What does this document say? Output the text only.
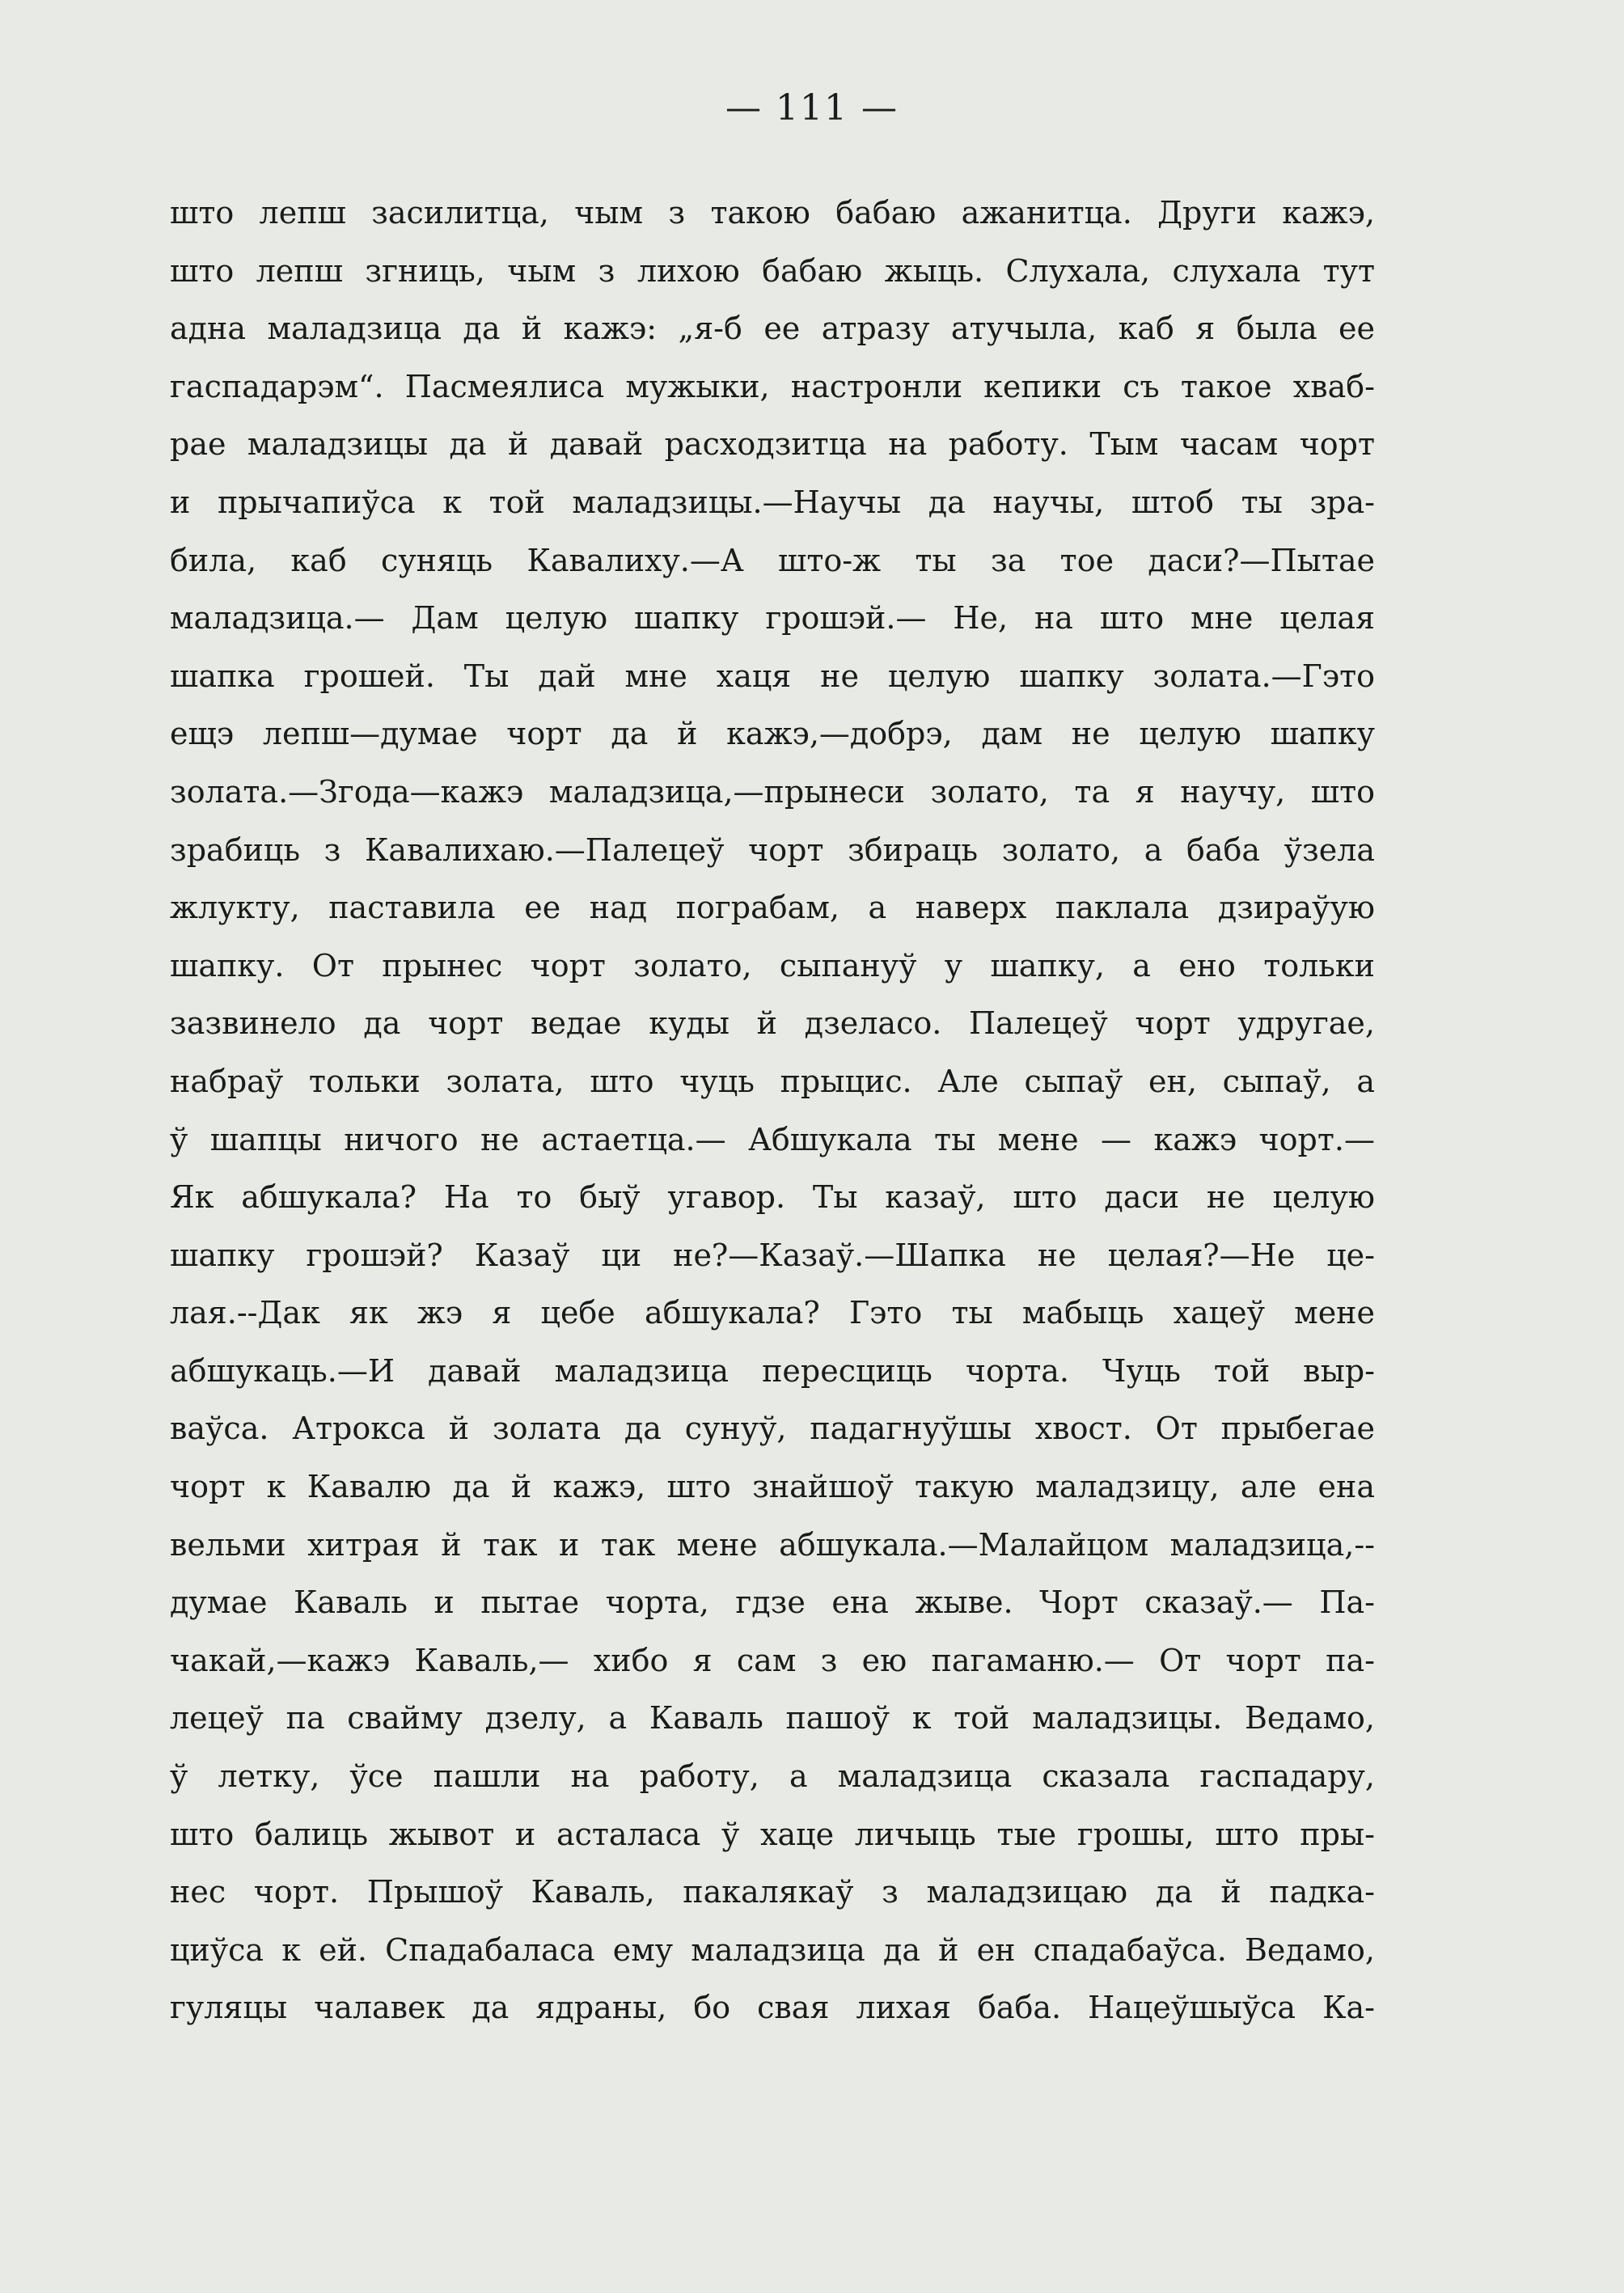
— 111 —
што лепш засилитца, чым з такою бабаю ажанитца. Други кажэ,
што лепш згниць, чым з лихою бабаю жыць. Слухала, слухала тут
адна маладзица да й кажэ: „я-б ее атразу атучыла, каб я была ее
гаспадарэм“. Пасмеялиса мужыки, настронли кепики съ такое хваб-
рае маладзицы да й давай расходзитца на работу. Тым часам чорт
и прычапиўса к той маладзицы.—Научы да научы, штоб ты зра-
била, каб суняць Кавалиху.—А што-ж ты за тое даси?—Пытае
маладзица.— Дам целую шапку грошэй.— Не, на што мне целая
шапка грошей. Ты дай мне хаця не целую шапку золата.—Гэто
ещэ лепш—думае чорт да й кажэ,—добрэ, дам не целую шапку
золата.—Згода—кажэ маладзица,—прынеси золато, та я научу, што
зрабиць з Кавалихаю.—Палецеў чорт збираць золато, а баба ўзела
жлукту, паставила ее над пограбам, а наверх паклала дзираўую
шапку. От прынес чорт золато, сыпануў у шапку, а ено тольки
зазвинело да чорт ведае куды й дзеласо. Палецеў чорт удругае,
набраў тольки золата, што чуць прыцис. Але сыпаў ен, сыпаў, а
ў шапцы ничого не астаетца.— Абшукала ты мене — кажэ чорт.—
Як абшукала? На то быў угавор. Ты казаў, што даси не целую
шапку грошэй? Казаў ци не?—Казаў.—Шапка не целая?—Не це-
лая.--Дак як жэ я цебе абшукала? Гэто ты мабыць хацеў мене
абшукаць.—И давай маладзица пересциць чорта. Чуць той выр-
ваўса. Атрокса й золата да сунуў, падагнуўшы хвост. От прыбегае
чорт к Кавалю да й кажэ, што знайшоў такую маладзицу, але ена
вельми хитрая й так и так мене абшукала.—Малайцом маладзица,--
думае Каваль и пытае чорта, гдзе ена жыве. Чорт сказаў.— Па-
чакай,—кажэ Каваль,— хибо я сам з ею пагаманю.— От чорт па-
лецеў па свайму дзелу, а Каваль пашоў к той маладзицы. Ведамо,
ў летку, ўсе пашли на работу, а маладзица сказала гаспадару,
што балиць жывот и асталаса ў хаце личыць тые грошы, што пры-
нес чорт. Прышоў Каваль, пакалякаў з маладзицаю да й падка-
циўса к ей. Спадабаласа ему маладзица да й ен спадабаўса. Ведамо,
гуляцы чалавек да ядраны, бо свая лихая баба. Нацеўшыўса Ка-
